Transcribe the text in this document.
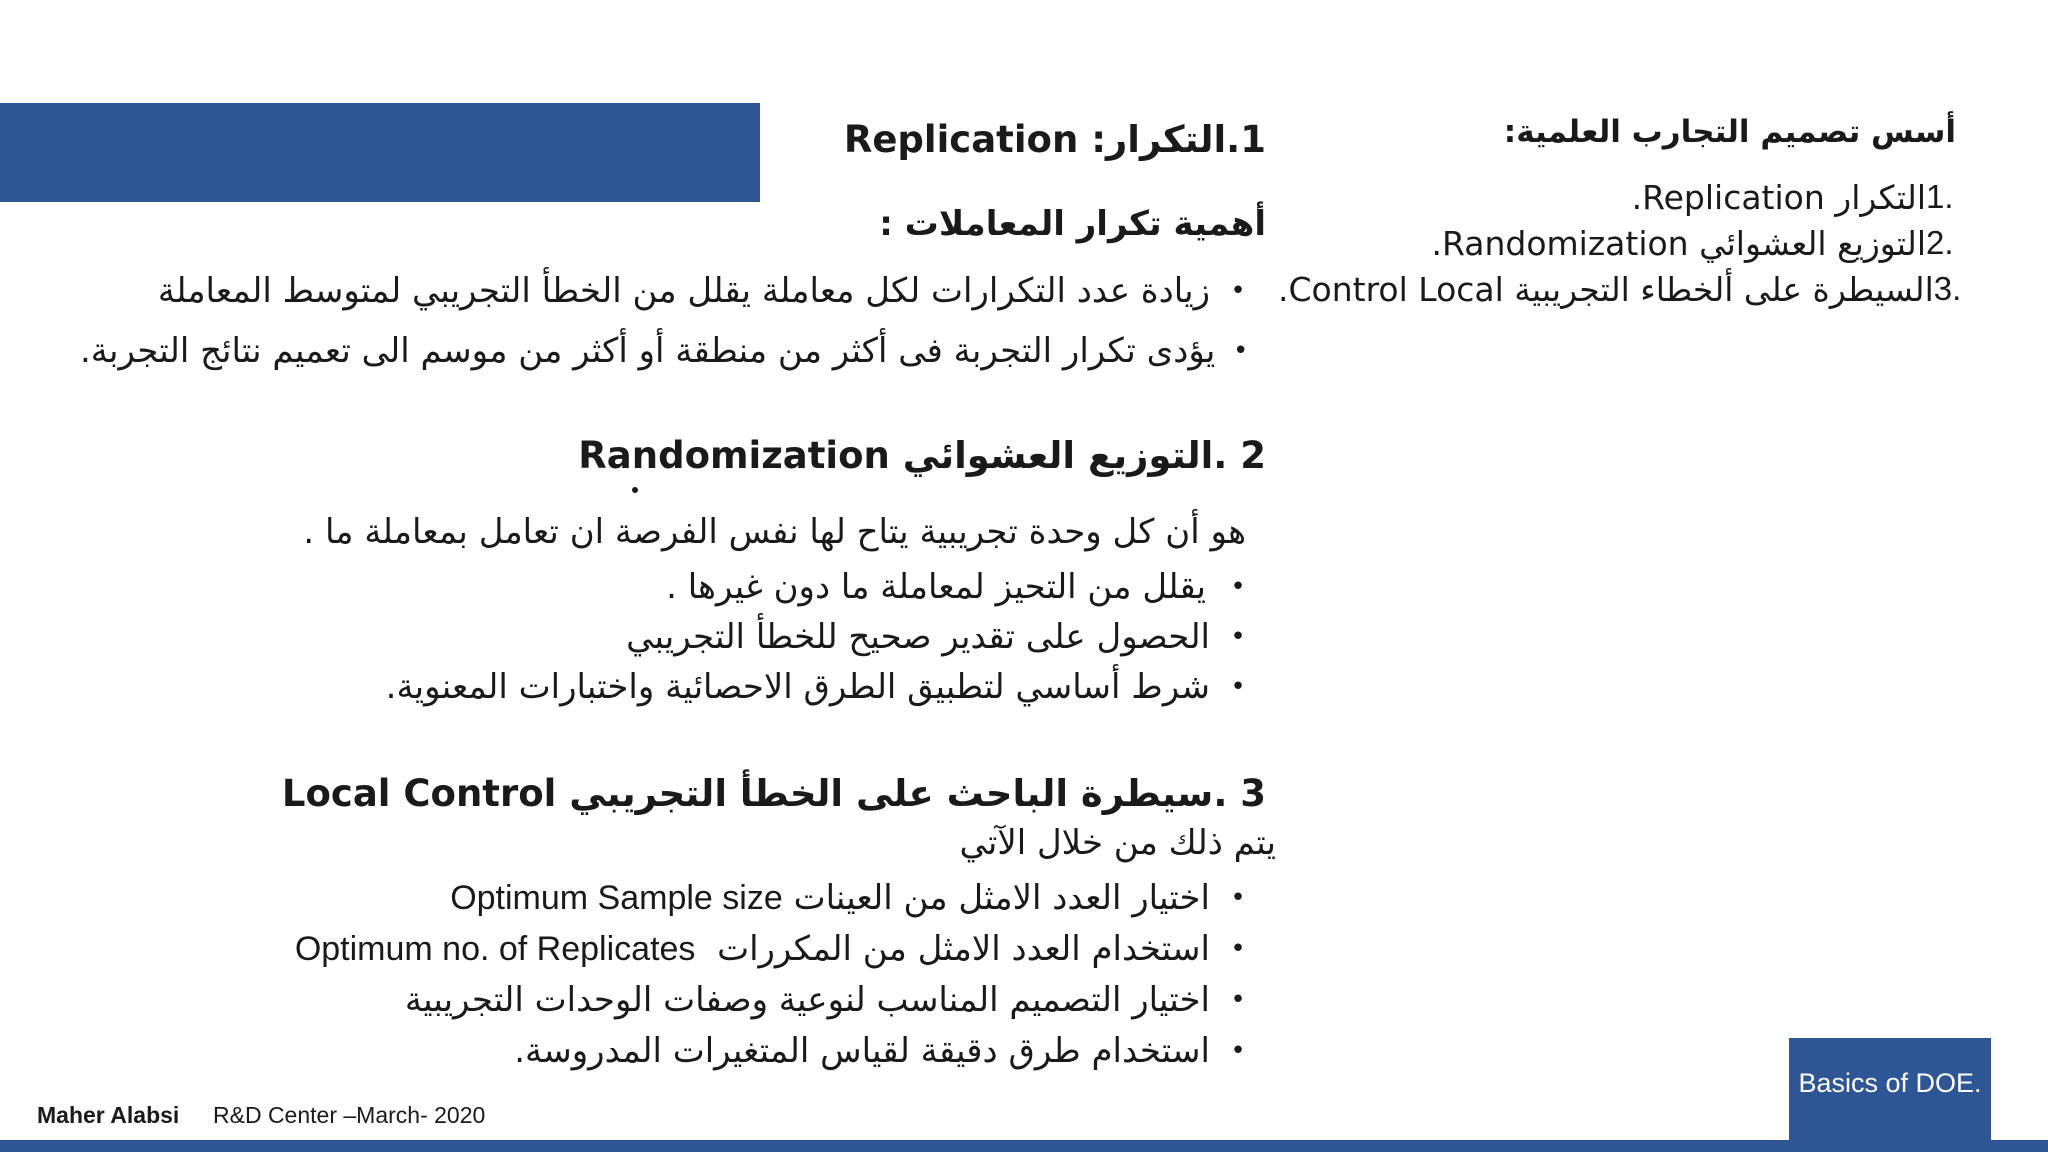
أسس تصميم التجارب العلمية:
1.
التكرار Replication.
2.
التوزيع العشوائي Randomization.
3.
السيطرة على ألخطاء التجريبية Control Local.
1.التكرار: Replication
أهمية تكرار المعاملات :
•
زيادة عدد التكرارات لكل معاملة يقلل من الخطأ التجريبي لمتوسط المعاملة
•
يؤدى تكرار التجربة فى أكثر من منطقة أو أكثر من موسم الى تعميم نتائج التجربة.
2 .التوزيع العشوائي Randomization
هو أن كل وحدة تجريبية يتاح لها نفس الفرصة ان تعامل بمعاملة ما .
•
يقلل من التحيز لمعاملة ما دون غيرها .
•
الحصول على تقدير صحيح للخطأ التجريبي
•
شرط أساسي لتطبيق الطرق الاحصائية واختبارات المعنوية.
3 .سيطرة الباحث على الخطأ التجريبي Local Control
يتم ذلك من خلال الآتي
•
اختيار العدد الامثل من العينات Optimum Sample size
•
استخدام العدد الامثل من المكررات  Optimum no. of Replicates
•
اختيار التصميم المناسب لنوعية وصفات الوحدات التجريبية
•
استخدام طرق دقيقة لقياس المتغيرات المدروسة.
Maher Alabsi R&D Center –March- 2020
Basics of DOE.
